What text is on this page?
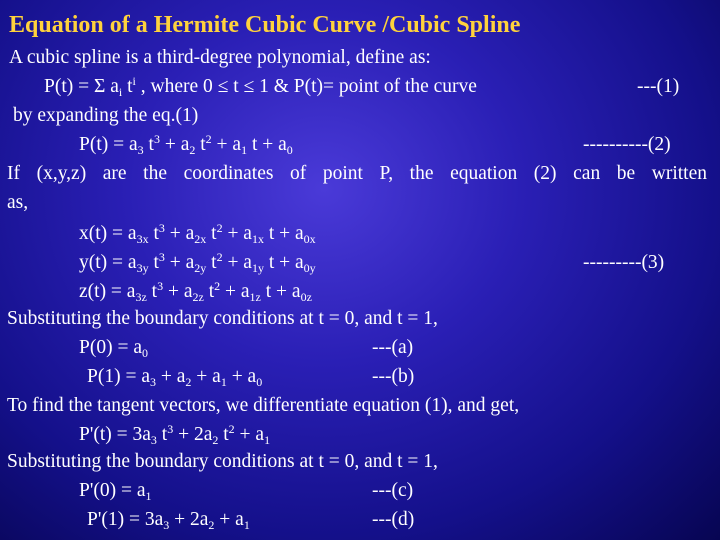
Equation of a Hermite Cubic Curve /Cubic Spline
A cubic spline is a third-degree polynomial, define as:
P(t) = Σ $a_i$ $t^i$ , where 0 ≤ t ≤ 1 & P(t)= point of the curve	---(1)
by expanding the eq.(1)
$P(t) = a_3$ $t^3 + a_2$ $t^2 + a_1$ $t + a_0$	----------(2)
If (x,y,z) are the coordinates of point P, the equation (2) can be written
as,
$x(t) = a_{3x}$ $t^3 + a_{2x}$ $t^2 + a_{1x}$ $t + a_{0x}$
$y(t) = a_{3y}$ $t^3 + a_{2y}$ $t^2 + a_{1y}$ $t + a_{0y}$	---------(3)
$z(t) = a_{3z}$ $t^3 + a_{2z}$ $t^2 + a_{1z}$ $t + a_{0z}$
Substituting the boundary conditions at t = 0, and t = 1,
$P(0) = a_0$	---(a)
$P(1) = a_3 + a_2 + a_1 + a_0$	---(b)
To find the tangent vectors, we differentiate equation (1), and get,
$P'(t) = 3a_3$ $t^3 + 2a_2$ $t^2 + a_1$
Substituting the boundary conditions at t = 0, and t = 1,
$P'(0) = a_1$	---(c)
$P'(1) = 3a_3 + 2a_2 + a_1$	---(d)
